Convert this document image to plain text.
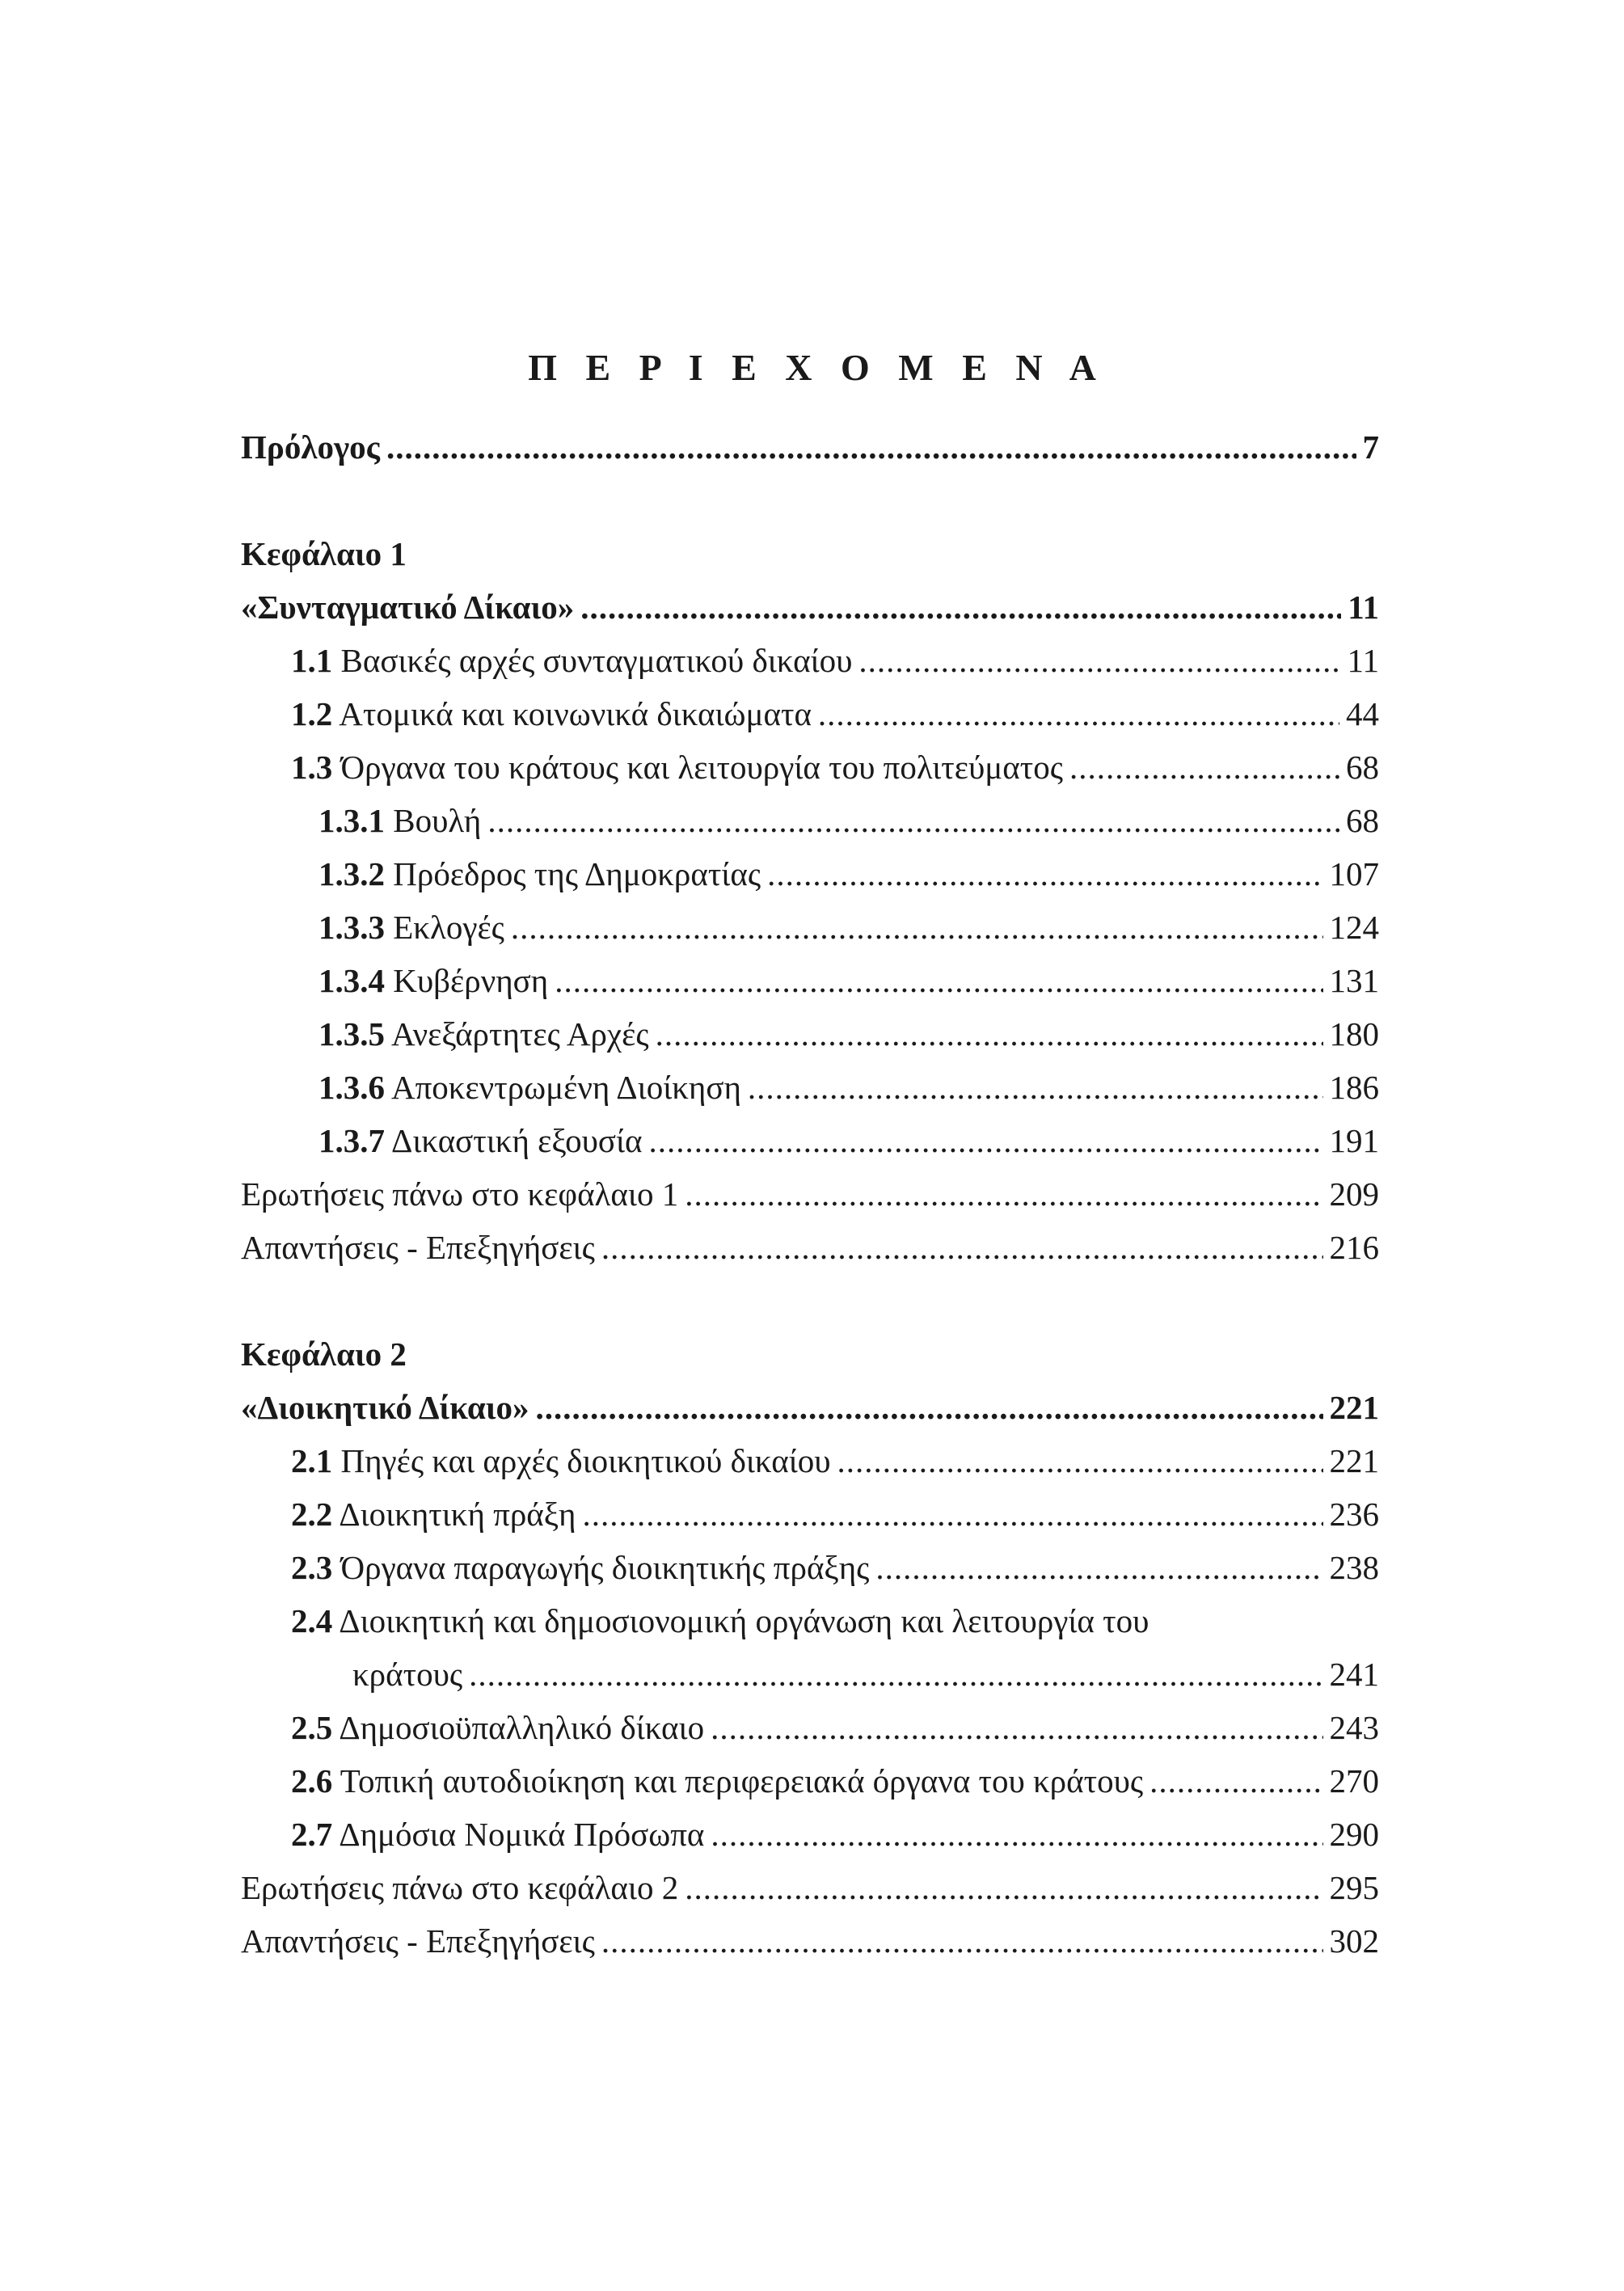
Π Ε Ρ Ι Ε Χ Ο Μ Ε Ν Α
Πρόλογος .....	7
Κεφάλαιο 1
«Συνταγματικό Δίκαιο» .....	11
1.1 Βασικές αρχές συνταγματικού δικαίου .....	11
1.2 Ατομικά και κοινωνικά δικαιώματα .....	44
1.3 Όργανα του κράτους και λειτουργία του πολιτεύματος .....	68
1.3.1 Βουλή .....	68
1.3.2 Πρόεδρος της Δημοκρατίας .....	107
1.3.3 Εκλογές .....	124
1.3.4 Κυβέρνηση .....	131
1.3.5 Ανεξάρτητες Αρχές .....	180
1.3.6 Αποκεντρωμένη Διοίκηση .....	186
1.3.7 Δικαστική εξουσία .....	191
Ερωτήσεις πάνω στο κεφάλαιο 1 .....	209
Απαντήσεις - Επεξηγήσεις .....	216
Κεφάλαιο 2
«Διοικητικό Δίκαιο» .....	221
2.1 Πηγές και αρχές διοικητικού δικαίου .....	221
2.2 Διοικητική πράξη .....	236
2.3 Όργανα παραγωγής διοικητικής πράξης .....	238
2.4 Διοικητική και δημοσιονομική οργάνωση και λειτουργία του
κράτους .....	241
2.5 Δημοσιοϋπαλληλικό δίκαιο .....	243
2.6 Τοπική αυτοδιοίκηση και περιφερειακά όργανα του κράτους .....	270
2.7 Δημόσια Νομικά Πρόσωπα .....	290
Ερωτήσεις πάνω στο κεφάλαιο 2 .....	295
Απαντήσεις - Επεξηγήσεις .....	302
